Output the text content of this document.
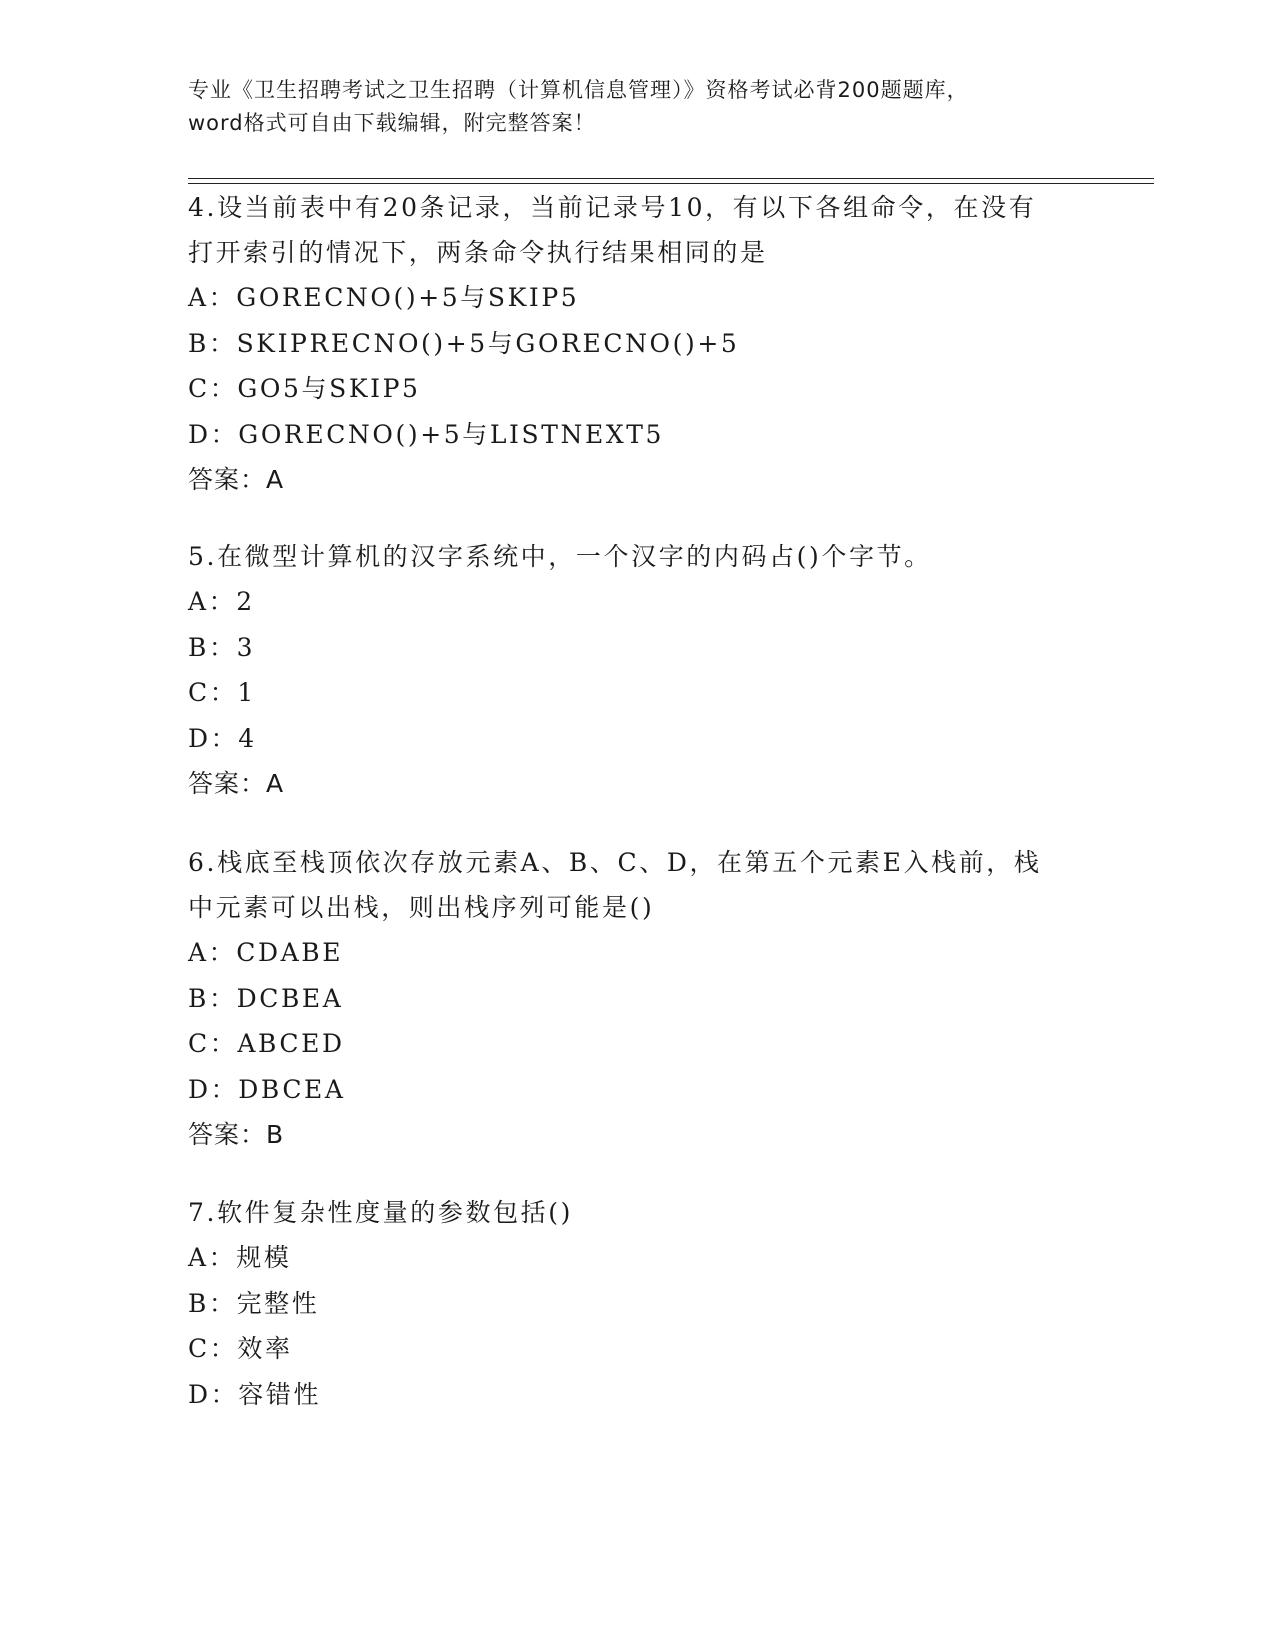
专业《卫生招聘考试之卫生招聘（计算机信息管理）》资格考试必背200题题库，
word格式可自由下载编辑，附完整答案！
4.设当前表中有20条记录，当前记录号10，有以下各组命令，在没有
打开索引的情况下，两条命令执行结果相同的是
A：GORECNO()+5与SKIP5
B：SKIPRECNO()+5与GORECNO()+5
C：GO5与SKIP5
D：GORECNO()+5与LISTNEXT5
答案：A
5.在微型计算机的汉字系统中，一个汉字的内码占()个字节。
A：2
B：3
C：1
D：4
答案：A
6.栈底至栈顶依次存放元素A、B、C、D，在第五个元素E入栈前，栈
中元素可以出栈，则出栈序列可能是()
A：CDABE
B：DCBEA
C：ABCED
D：DBCEA
答案：B
7.软件复杂性度量的参数包括()
A：规模
B：完整性
C：效率
D：容错性
